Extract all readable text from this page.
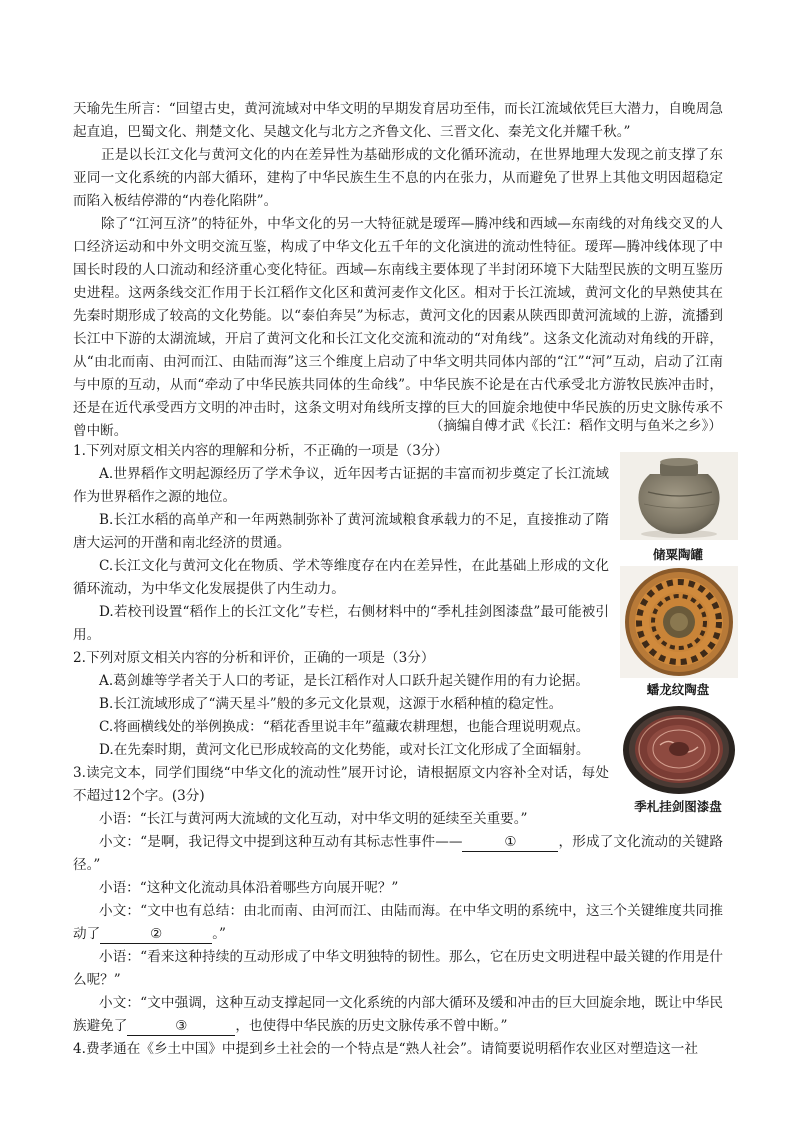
天瑜先生所言：“回望古史，黄河流域对中华文明的早期发育居功至伟，而长江流域依凭巨大潜力，自晚周急起直追，巴蜀文化、荆楚文化、吴越文化与北方之齐鲁文化、三晋文化、秦羌文化并耀千秋。”
正是以长江文化与黄河文化的内在差异性为基础形成的文化循环流动，在世界地理大发现之前支撑了东亚同一文化系统的内部大循环，建构了中华民族生生不息的内在张力，从而避免了世界上其他文明因超稳定而陷入板结停滞的“内卷化陷阱”。
除了“江河互济”的特征外，中华文化的另一大特征就是瑷珲—腾冲线和西域—东南线的对角线交叉的人口经济运动和中外文明交流互鉴，构成了中华文化五千年的文化演进的流动性特征。瑷珲—腾冲线体现了中国长时段的人口流动和经济重心变化特征。西域—东南线主要体现了半封闭环境下大陆型民族的文明互鉴历史进程。这两条线交汇作用于长江稻作文化区和黄河麦作文化区。相对于长江流域，黄河文化的早熟使其在先秦时期形成了较高的文化势能。以“泰伯奔吴”为标志，黄河文化的因素从陕西即黄河流域的上游，流播到长江中下游的太湖流域，开启了黄河文化和长江文化交流和流动的“对角线”。这条文化流动对角线的开辟，从“由北而南、由河而江、由陆而海”这三个维度上启动了中华文明共同体内部的“江”“河”互动，启动了江南与中原的互动，从而“牵动了中华民族共同体的生命线”。中华民族不论是在古代承受北方游牧民族冲击时，还是在近代承受西方文明的冲击时，这条文明对角线所支撑的巨大的回旋余地使中华民族的历史文脉传承不曾中断。	（摘编自傅才武《长江：稻作文明与鱼米之乡》）
1.下列对原文相关内容的理解和分析，不正确的一项是（3分）
A.世界稻作文明起源经历了学术争议，近年因考古证据的丰富而初步奠定了长江流域作为世界稻作之源的地位。
B.长江水稻的高单产和一年两熟制弥补了黄河流域粮食承载力的不足，直接推动了隋唐大运河的开凿和南北经济的贯通。
C.长江文化与黄河文化在物质、学术等维度存在内在差异性，在此基础上形成的文化循环流动，为中华文化发展提供了内生动力。
D.若校刊设置“稻作上的长江文化”专栏，右侧材料中的“季札挂剑图漆盘”最可能被引用。
2.下列对原文相关内容的分析和评价，正确的一项是（3分）
A.葛剑雄等学者关于人口的考证，是长江稻作对人口跃升起关键作用的有力论据。
B.长江流域形成了“满天星斗”般的多元文化景观，这源于水稻种植的稳定性。
C.将画横线处的举例换成：“稻花香里说丰年”蕴藏农耕理想，也能合理说明观点。
D.在先秦时期，黄河文化已形成较高的文化势能，或对长江文化形成了全面辐射。
3.读完文本，同学们围绕“中华文化的流动性”展开讨论，请根据原文内容补全对话，每处不超过12个字。(3分)
小语：“长江与黄河两大流域的文化互动，对中华文明的延续至关重要。”
小文：“是啊，我记得文中提到这种互动有其标志性事件——	①	，形成了文化流动的关键路径。”
小语：“这种文化流动具体沿着哪些方向展开呢？”
小文：“文中也有总结：由北而南、由河而江、由陆而海。在中华文明的系统中，这三个关键维度共同推动了	②	。”
小语：“看来这种持续的互动形成了中华文明独特的韧性。那么，它在历史文明进程中最关键的作用是什么呢？”
小文：“文中强调，这种互动支撑起同一文化系统的内部大循环及缓和冲击的巨大回旋余地，既让中华民族避免了	③	，也使得中华民族的历史文脉传承不曾中断。”
4.费孝通在《乡土中国》中提到乡土社会的一个特点是“熟人社会”。请简要说明稻作农业区对塑造这一社
储粟陶罐
蟠龙纹陶盘
季札挂剑图漆盘
